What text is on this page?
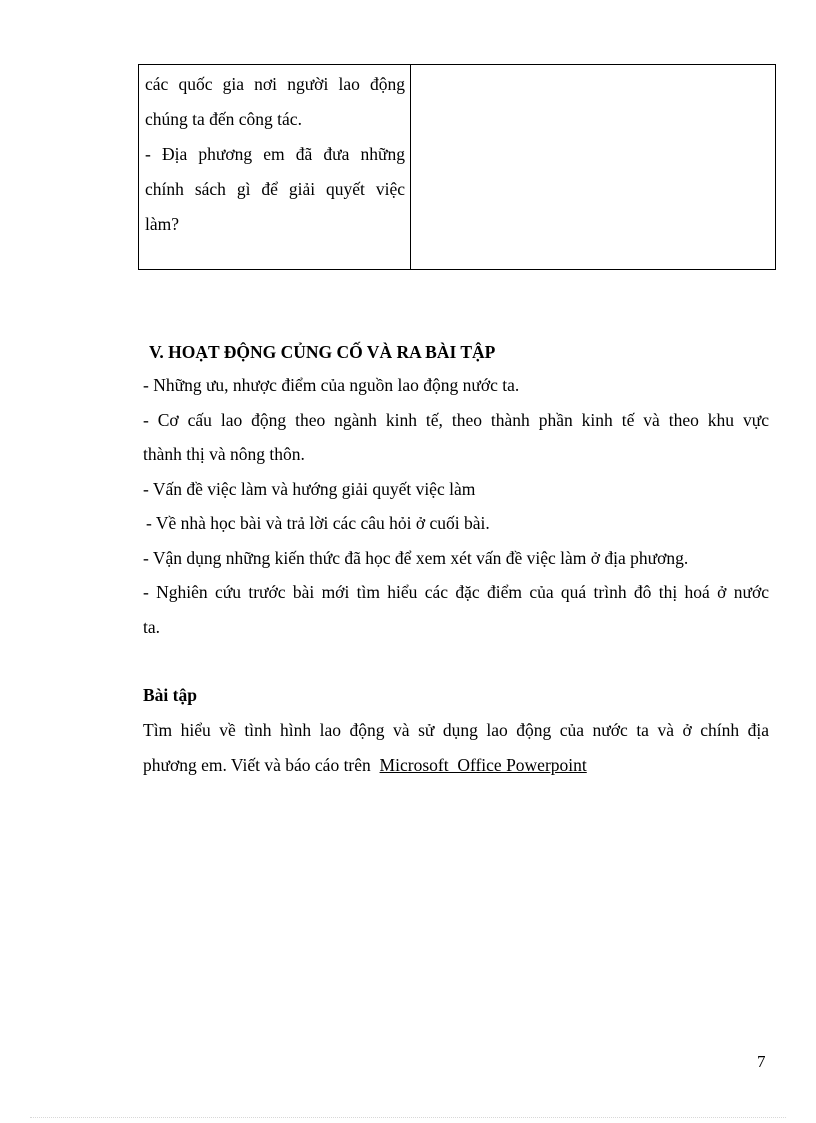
các quốc gia nơi người lao động

chúng ta đến công tác.

- Địa phương em đã đưa những

chính sách gì để giải quyết việc

làm?

V. HOẠT ĐỘNG CỦNG CỐ VÀ RA BÀI TẬP

- Những ưu, nhược điểm của nguồn lao động nước ta.

- Cơ cấu lao động theo ngành kinh tế, theo thành phần kinh tế và theo khu vực

thành thị và nông thôn.

- Vấn đề việc làm và hướng giải quyết việc làm

- Về nhà học bài và trả lời các câu hỏi ở cuối bài.

- Vận dụng những kiến thức đã học để xem xét vấn đề việc làm ở địa phương.

- Nghiên cứu trước bài mới tìm hiểu các đặc điểm của quá trình đô thị hoá ở nước

ta.

Bài tập

Tìm hiểu về tình hình lao động và sử dụng lao động của nước ta và ở chính địa

phương em. Viết và báo cáo trên  Microsoft  Office Powerpoint

7
